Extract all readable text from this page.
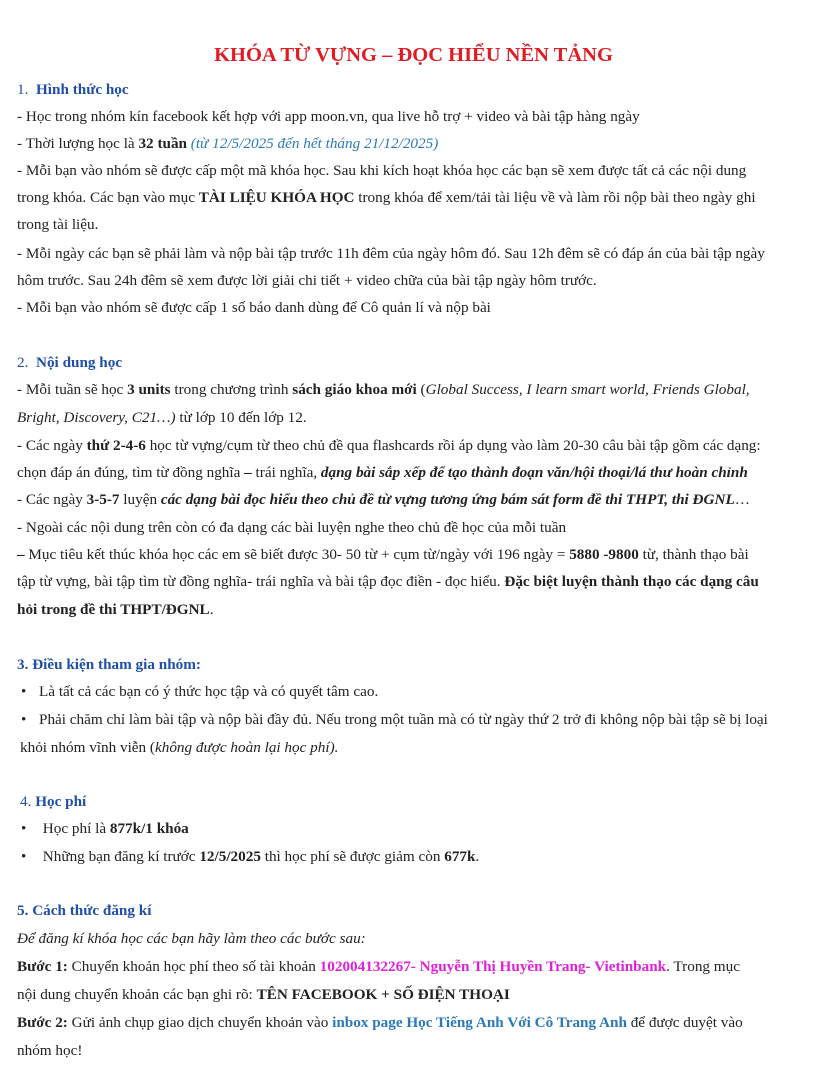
KHÓA TỪ VỰNG – ĐỌC HIỂU NỀN TẢNG
1. Hình thức học
- Học trong nhóm kín facebook kết hợp với app moon.vn, qua live hỗ trợ + video và bài tập hàng ngày
- Thời lượng học là 32 tuần (từ 12/5/2025 đến hết tháng 21/12/2025)
- Mỗi bạn vào nhóm sẽ được cấp một mã khóa học. Sau khi kích hoạt khóa học các bạn sẽ xem được tất cả các nội dung
trong khóa. Các bạn vào mục TÀI LIỆU KHÓA HỌC trong khóa để xem/tải tài liệu về và làm rồi nộp bài theo ngày ghi
trong tài liệu.
- Mỗi ngày các bạn sẽ phải làm và nộp bài tập trước 11h đêm của ngày hôm đó. Sau 12h đêm sẽ có đáp án của bài tập ngày
hôm trước. Sau 24h đêm sẽ xem được lời giải chi tiết + video chữa của bài tập ngày hôm trước.
- Mỗi bạn vào nhóm sẽ được cấp 1 số báo danh dùng để Cô quản lí và nộp bài
2. Nội dung học
- Mỗi tuần sẽ học 3 units trong chương trình sách giáo khoa mới (Global Success, I learn smart world, Friends Global,
Bright, Discovery, C21…) từ lớp 10 đến lớp 12.
- Các ngày thứ 2-4-6 học từ vựng/cụm từ theo chủ đề qua flashcards rồi áp dụng vào làm 20-30 câu bài tập gồm các dạng:
chọn đáp án đúng, tìm từ đồng nghĩa – trái nghĩa, dạng bài sắp xếp để tạo thành đoạn văn/hội thoại/lá thư hoàn chỉnh
- Các ngày 3-5-7 luyện các dạng bài đọc hiểu theo chủ đề từ vựng tương ứng bám sát form đề thi THPT, thi ĐGNL…
- Ngoài các nội dung trên còn có đa dạng các bài luyện nghe theo chủ đề học của mỗi tuần
– Mục tiêu kết thúc khóa học các em sẽ biết được 30- 50 từ + cụm từ/ngày với 196 ngày = 5880 -9800 từ, thành thạo bài
tập từ vựng, bài tập tìm từ đồng nghĩa- trái nghĩa và bài tập đọc điền - đọc hiểu. Đặc biệt luyện thành thạo các dạng câu
hỏi trong đề thi THPT/ĐGNL.
3. Điều kiện tham gia nhóm:
• Là tất cả các bạn có ý thức học tập và có quyết tâm cao.
• Phải chăm chỉ làm bài tập và nộp bài đầy đủ. Nếu trong một tuần mà có từ ngày thứ 2 trở đi không nộp bài tập sẽ bị loại
khỏi nhóm vĩnh viễn (không được hoàn lại học phí).
4. Học phí
• Học phí là 877k/1 khóa
• Những bạn đăng kí trước 12/5/2025 thì học phí sẽ được giảm còn 677k.
5. Cách thức đăng kí
Để đăng kí khóa học các bạn hãy làm theo các bước sau:
Bước 1: Chuyển khoản học phí theo số tài khoản 102004132267- Nguyễn Thị Huyền Trang- Vietinbank. Trong mục
nội dung chuyển khoản các bạn ghi rõ: TÊN FACEBOOK + SỐ ĐIỆN THOẠI
Bước 2: Gửi ảnh chụp giao dịch chuyển khoản vào inbox page Học Tiếng Anh Với Cô Trang Anh để được duyệt vào
nhóm học!
